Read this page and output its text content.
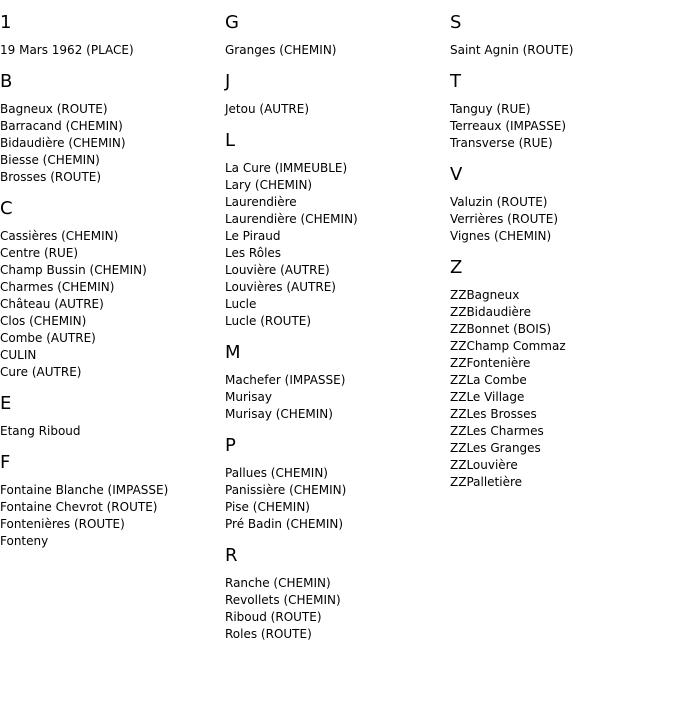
1
19 Mars 1962 (PLACE)
B
Bagneux (ROUTE)
Barracand (CHEMIN)
Bidaudière (CHEMIN)
Biesse (CHEMIN)
Brosses (ROUTE)
C
Cassières (CHEMIN)
Centre (RUE)
Champ Bussin (CHEMIN)
Charmes (CHEMIN)
Château (AUTRE)
Clos (CHEMIN)
Combe (AUTRE)
CULIN
Cure (AUTRE)
E
Etang Riboud
F
Fontaine Blanche (IMPASSE)
Fontaine Chevrot (ROUTE)
Fontenières (ROUTE)
Fonteny
G
Granges (CHEMIN)
J
Jetou (AUTRE)
L
La Cure (IMMEUBLE)
Lary (CHEMIN)
Laurendière
Laurendière (CHEMIN)
Le Piraud
Les Rôles
Louvière (AUTRE)
Louvières (AUTRE)
Lucle
Lucle (ROUTE)
M
Machefer (IMPASSE)
Murisay
Murisay (CHEMIN)
P
Pallues (CHEMIN)
Panissière (CHEMIN)
Pise (CHEMIN)
Pré Badin (CHEMIN)
R
Ranche (CHEMIN)
Revollets (CHEMIN)
Riboud (ROUTE)
Roles (ROUTE)
S
Saint Agnin (ROUTE)
T
Tanguy (RUE)
Terreaux (IMPASSE)
Transverse (RUE)
V
Valuzin (ROUTE)
Verrières (ROUTE)
Vignes (CHEMIN)
Z
ZZBagneux
ZZBidaudière
ZZBonnet (BOIS)
ZZChamp Commaz
ZZFontenière
ZZLa Combe
ZZLe Village
ZZLes Brosses
ZZLes Charmes
ZZLes Granges
ZZLouvière
ZZPalletière
